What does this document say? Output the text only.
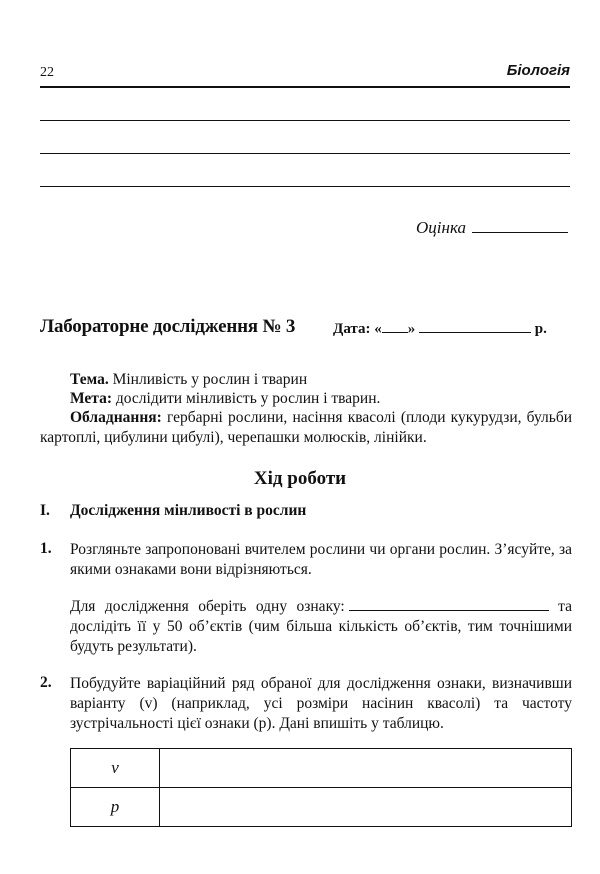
22	Біологія
Оцінка
Лабораторне дослідження № 3	Дата: « »	р.
Тема. Мінливість у рослин і тварин
Мета: дослідити мінливість у рослин і тварин.
Обладнання: гербарні рослини, насіння квасолі (плоди кукурудзи, бульби картоплі, цибулини цибулі), черепашки молюсків, лінійки.
Хід роботи
I. Дослідження мінливості в рослин
1. Розгляньте запропоновані вчителем рослини чи органи рослин. З’ясуйте, за якими ознаками вони відрізняються.
Для дослідження оберіть одну ознаку:	та дослідіть її у 50 об’єктів (чим більша кількість об’єктів, тим точнішими будуть результати).
2. Побудуйте варіаційний ряд обраної для дослідження ознаки, визначивши варіанту (v) (наприклад, усі розміри насінин квасолі) та частоту зустрічальності цієї ознаки (p). Дані впишіть у таблицю.
v	
p	
